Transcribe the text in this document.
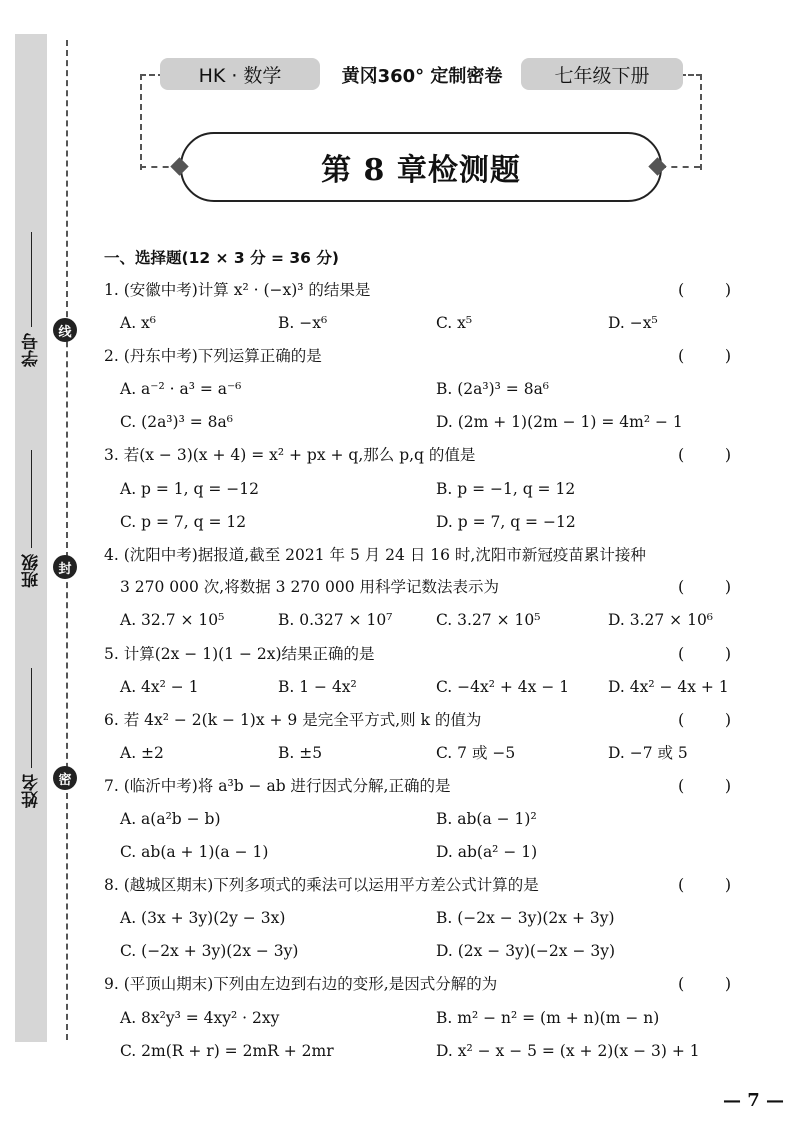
线
封
密
学号
班级
姓名
HK · 数学	黄冈360° 定制密卷	七年级下册
第 8 章检测题
一、选择题(12 × 3 分 = 36 分)
1. (安徽中考)计算 x² · (−x)³ 的结果是	(        )
A. x⁶	B. −x⁶	C. x⁵	D. −x⁵
2. (丹东中考)下列运算正确的是	(        )
A. a⁻² · a³ = a⁻⁶	B. (2a³)³ = 8a⁶
C. (2a³)³ = 8a⁶	D. (2m + 1)(2m − 1) = 4m² − 1
3. 若(x − 3)(x + 4) = x² + px + q,那么 p,q 的值是	(        )
A. p = 1, q = −12	B. p = −1, q = 12
C. p = 7, q = 12	D. p = 7, q = −12
4. (沈阳中考)据报道,截至 2021 年 5 月 24 日 16 时,沈阳市新冠疫苗累计接种
3 270 000 次,将数据 3 270 000 用科学记数法表示为	(        )
A. 32.7 × 10⁵	B. 0.327 × 10⁷	C. 3.27 × 10⁵	D. 3.27 × 10⁶
5. 计算(2x − 1)(1 − 2x)结果正确的是	(        )
A. 4x² − 1	B. 1 − 4x²	C. −4x² + 4x − 1	D. 4x² − 4x + 1
6. 若 4x² − 2(k − 1)x + 9 是完全平方式,则 k 的值为	(        )
A. ±2	B. ±5	C. 7 或 −5	D. −7 或 5
7. (临沂中考)将 a³b − ab 进行因式分解,正确的是	(        )
A. a(a²b − b)	B. ab(a − 1)²
C. ab(a + 1)(a − 1)	D. ab(a² − 1)
8. (越城区期末)下列多项式的乘法可以运用平方差公式计算的是	(        )
A. (3x + 3y)(2y − 3x)	B. (−2x − 3y)(2x + 3y)
C. (−2x + 3y)(2x − 3y)	D. (2x − 3y)(−2x − 3y)
9. (平顶山期末)下列由左边到右边的变形,是因式分解的为	(        )
A. 8x²y³ = 4xy² · 2xy	B. m² − n² = (m + n)(m − n)
C. 2m(R + r) = 2mR + 2mr	D. x² − x − 5 = (x + 2)(x − 3) + 1
— 7 —
